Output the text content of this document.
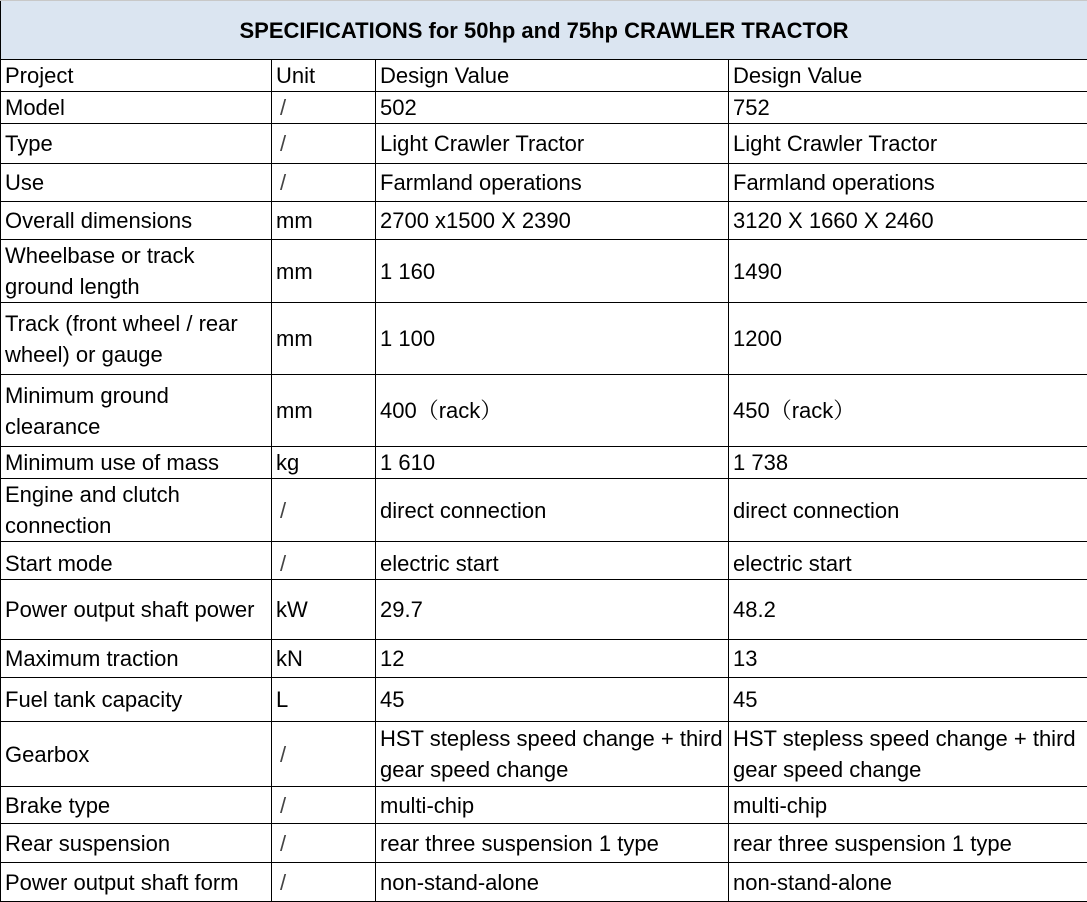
SPECIFICATIONS for 50hp and 75hp CRAWLER TRACTOR			
Project	Unit	Design Value	Design Value
Model	/	502	752
Type	/	Light Crawler Tractor	Light Crawler Tractor
Use	/	Farmland operations	Farmland operations
Overall dimensions	mm	2700 x1500 X 2390	3120 X 1660 X 2460
Wheelbase or track ground length	mm	1 160	1490
Track (front wheel / rear wheel) or gauge	mm	1 100	1200
Minimum ground clearance	mm	400（rack）	450（rack）
Minimum use of mass	kg	1 610	1 738
Engine and clutch connection	/	direct connection	direct connection
Start mode	/	electric start	electric start
Power output shaft power	kW	29.7	48.2
Maximum traction	kN	12	13
Fuel tank capacity	L	45	45
Gearbox	/	HST stepless speed change + third gear speed change	HST stepless speed change + third gear speed change
Brake type	/	multi-chip	multi-chip
Rear suspension	/	rear three suspension 1 type	rear three suspension 1 type
Power output shaft form	/	non-stand-alone	non-stand-alone
